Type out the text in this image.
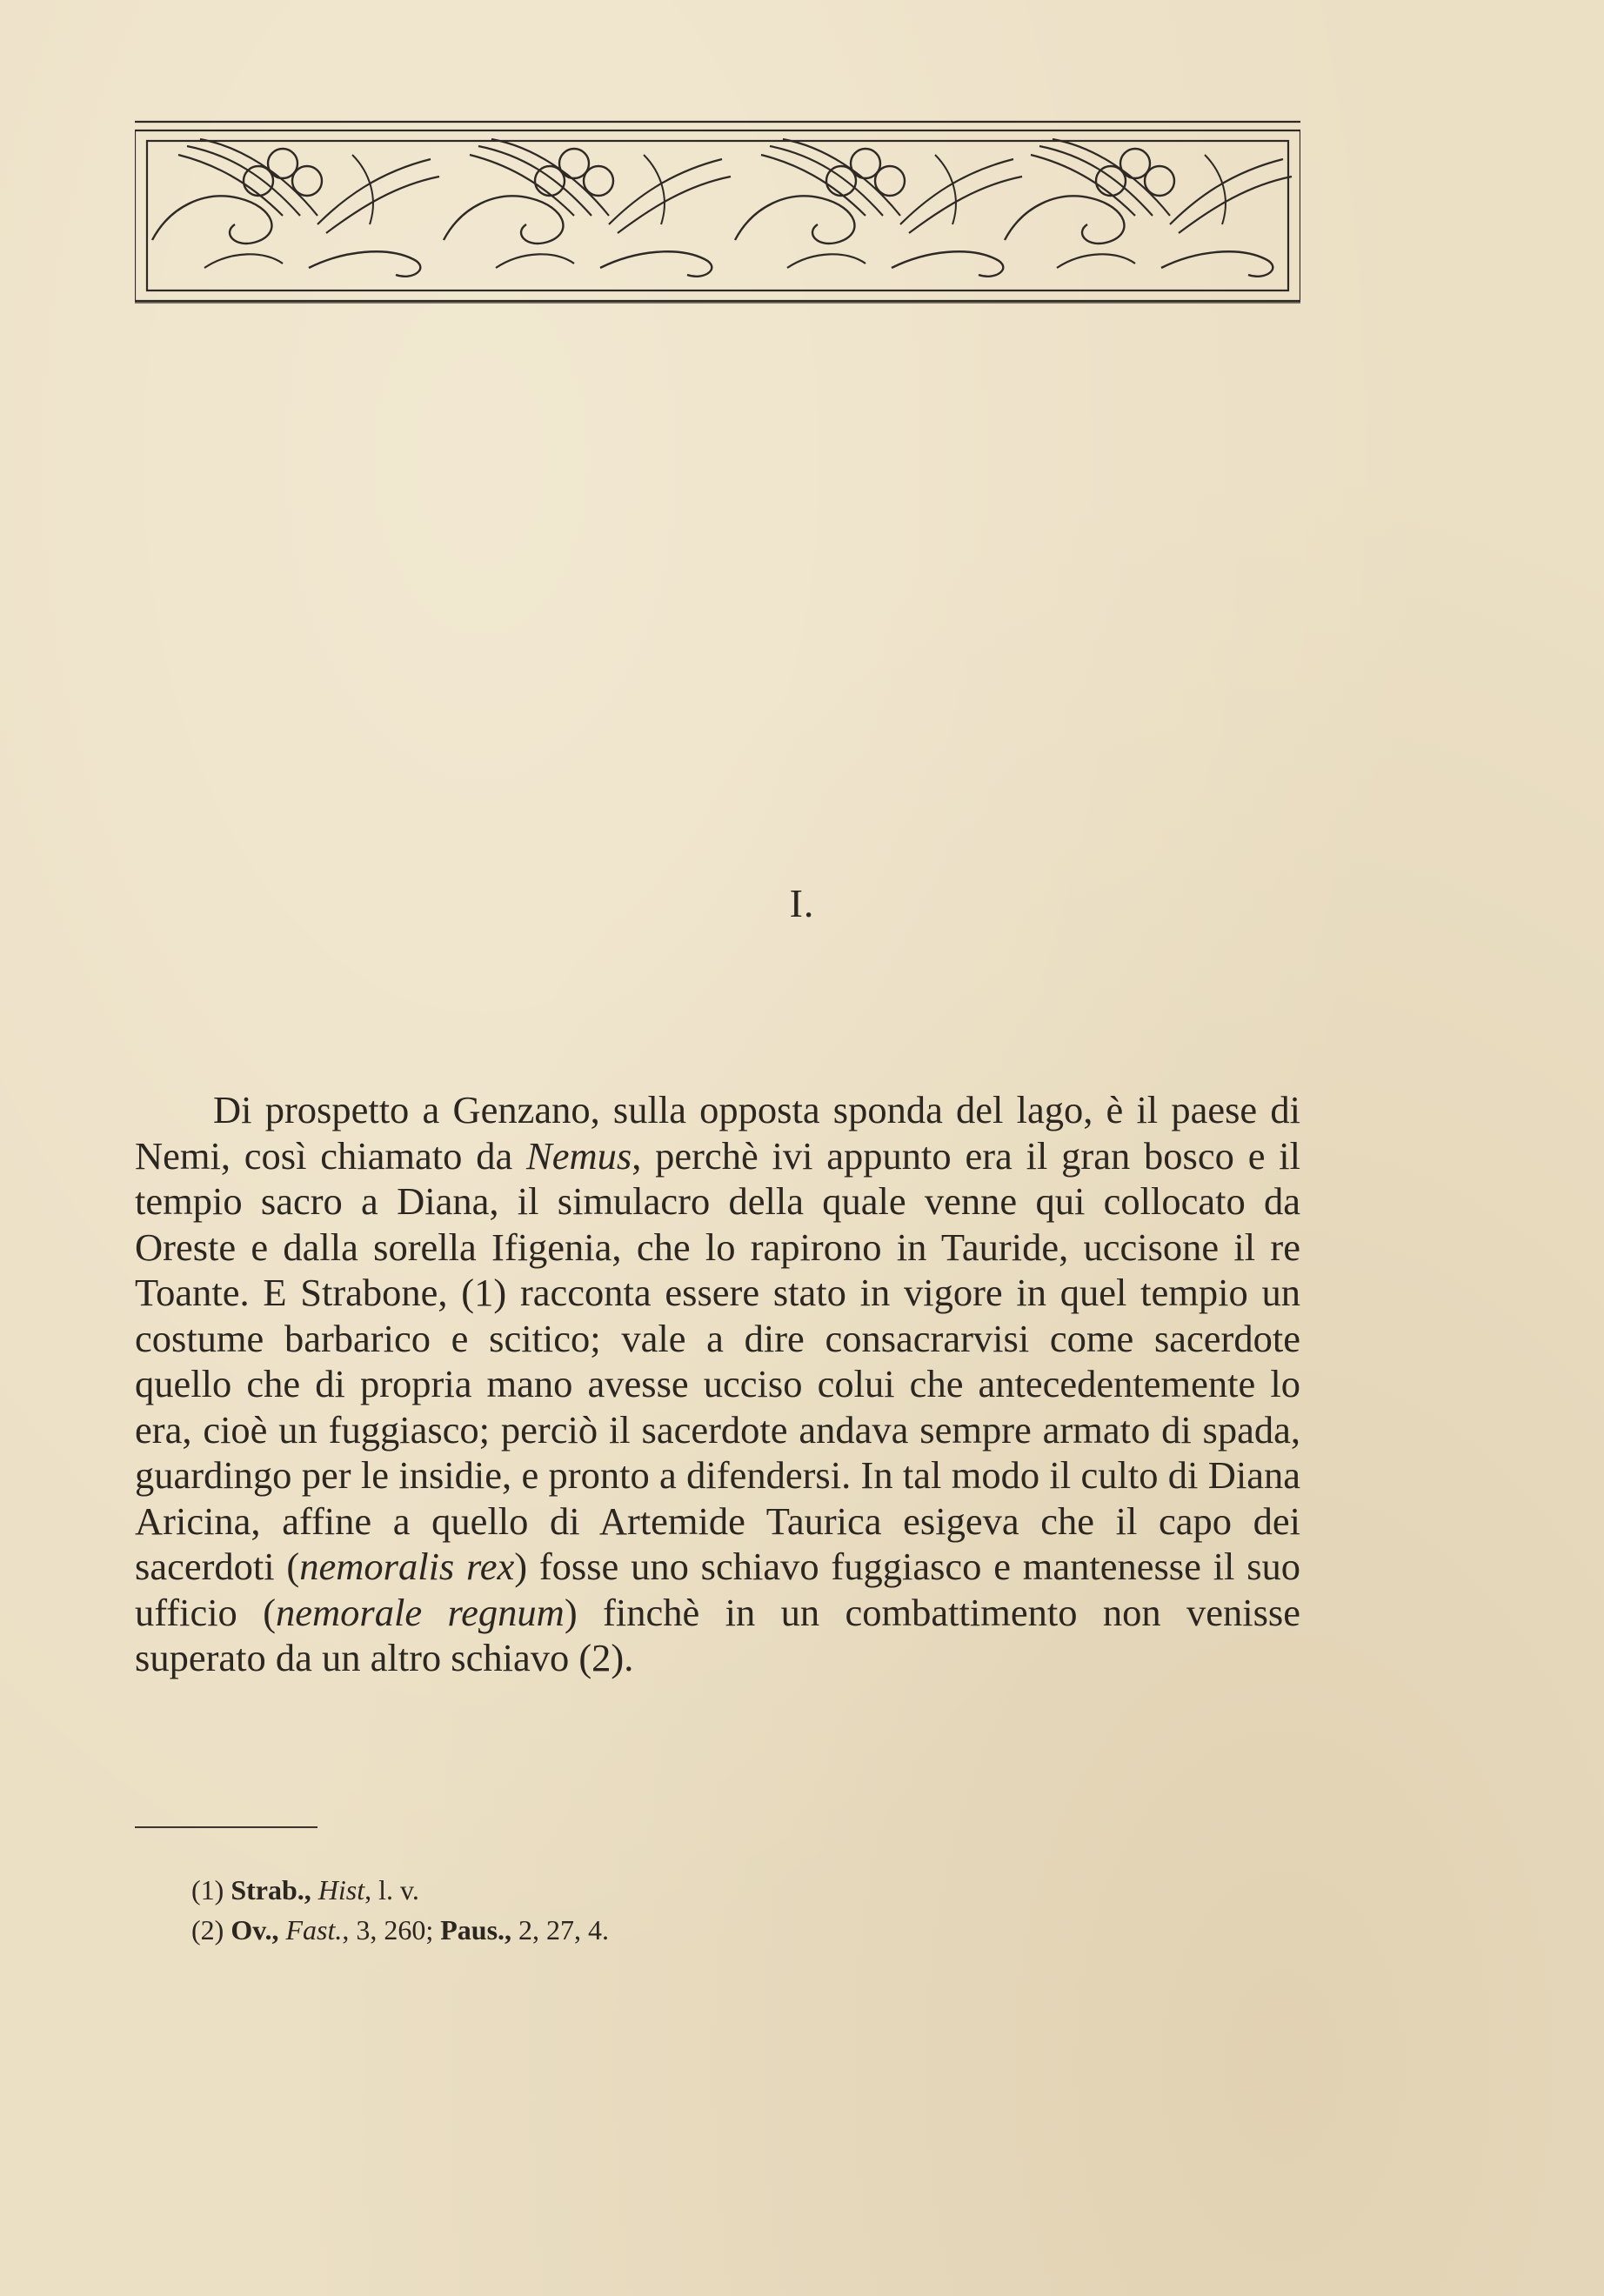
I.
Di prospetto a Genzano, sulla opposta sponda del lago, è il paese di Nemi, così chiamato da Nemus, perchè ivi appunto era il gran bosco e il tempio sacro a Diana, il simulacro della quale venne qui collocato da Oreste e dalla sorella Ifigenia, che lo rapirono in Tauride, uccisone il re Toante. E Strabone, (1) racconta essere stato in vigore in quel tempio un costume barbarico e scitico; vale a dire consacrarvisi come sacerdote quello che di propria mano avesse ucciso colui che antecedentemente lo era, cioè un fuggiasco; perciò il sacerdote andava sempre armato di spada, guardingo per le insidie, e pronto a difendersi. In tal modo il culto di Diana Aricina, affine a quello di Artemide Taurica esigeva che il capo dei sacerdoti (nemoralis rex) fosse uno schiavo fuggiasco e mantenesse il suo ufficio (nemorale regnum) finchè in un combattimento non venisse superato da un altro schiavo (2).
(1) Strab., Hist, l. v.
(2) Ov., Fast., 3, 260; Paus., 2, 27, 4.
